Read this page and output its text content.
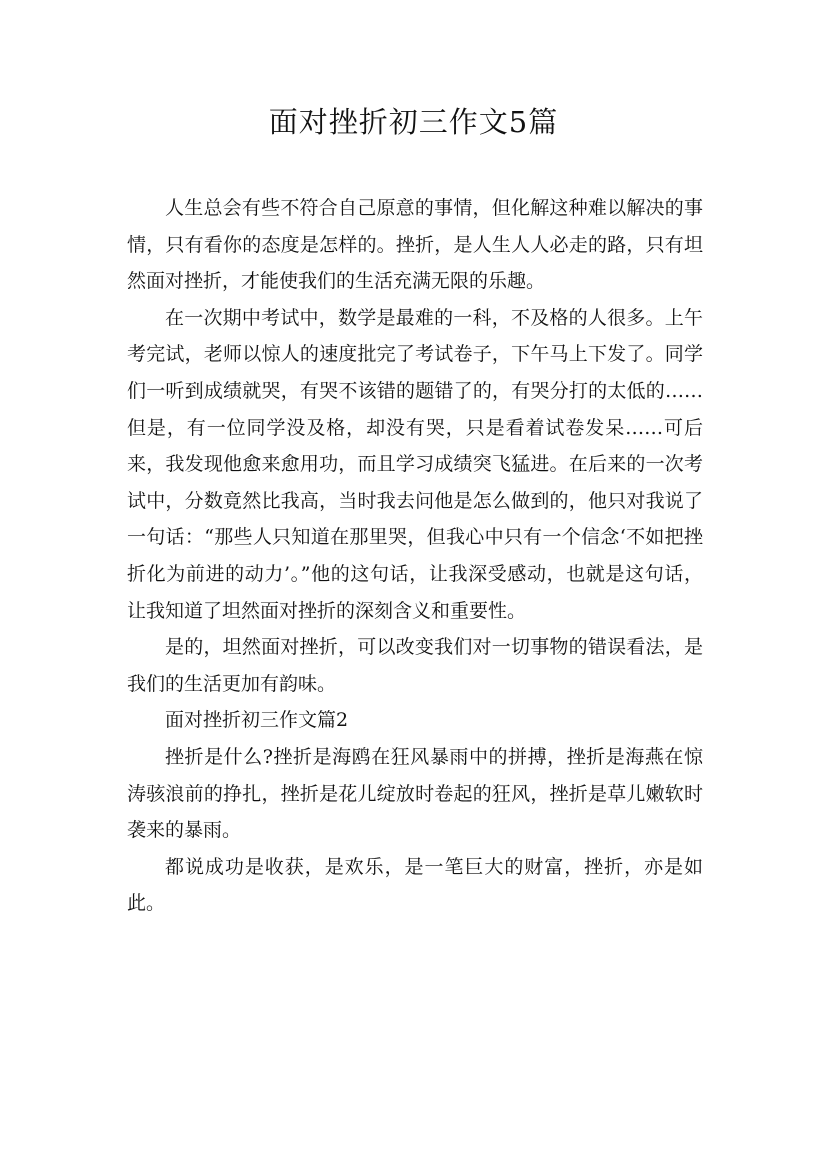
面对挫折初三作文5篇

人生总会有些不符合自己原意的事情，但化解这种难以解决的事情，只有看你的态度是怎样的。挫折，是人生人人必走的路，只有坦然面对挫折，才能使我们的生活充满无限的乐趣。

在一次期中考试中，数学是最难的一科，不及格的人很多。上午考完试，老师以惊人的速度批完了考试卷子，下午马上下发了。同学们一听到成绩就哭，有哭不该错的题错了的，有哭分打的太低的……但是，有一位同学没及格，却没有哭，只是看着试卷发呆……可后来，我发现他愈来愈用功，而且学习成绩突飞猛进。在后来的一次考试中，分数竟然比我高，当时我去问他是怎么做到的，他只对我说了一句话：“那些人只知道在那里哭，但我心中只有一个信念‘不如把挫折化为前进的动力’。”他的这句话，让我深受感动，也就是这句话，让我知道了坦然面对挫折的深刻含义和重要性。

是的，坦然面对挫折，可以改变我们对一切事物的错误看法，是我们的生活更加有韵味。

面对挫折初三作文篇2

挫折是什么?挫折是海鸥在狂风暴雨中的拼搏，挫折是海燕在惊涛骇浪前的挣扎，挫折是花儿绽放时卷起的狂风，挫折是草儿嫩软时袭来的暴雨。

都说成功是收获，是欢乐，是一笔巨大的财富，挫折，亦是如此。
